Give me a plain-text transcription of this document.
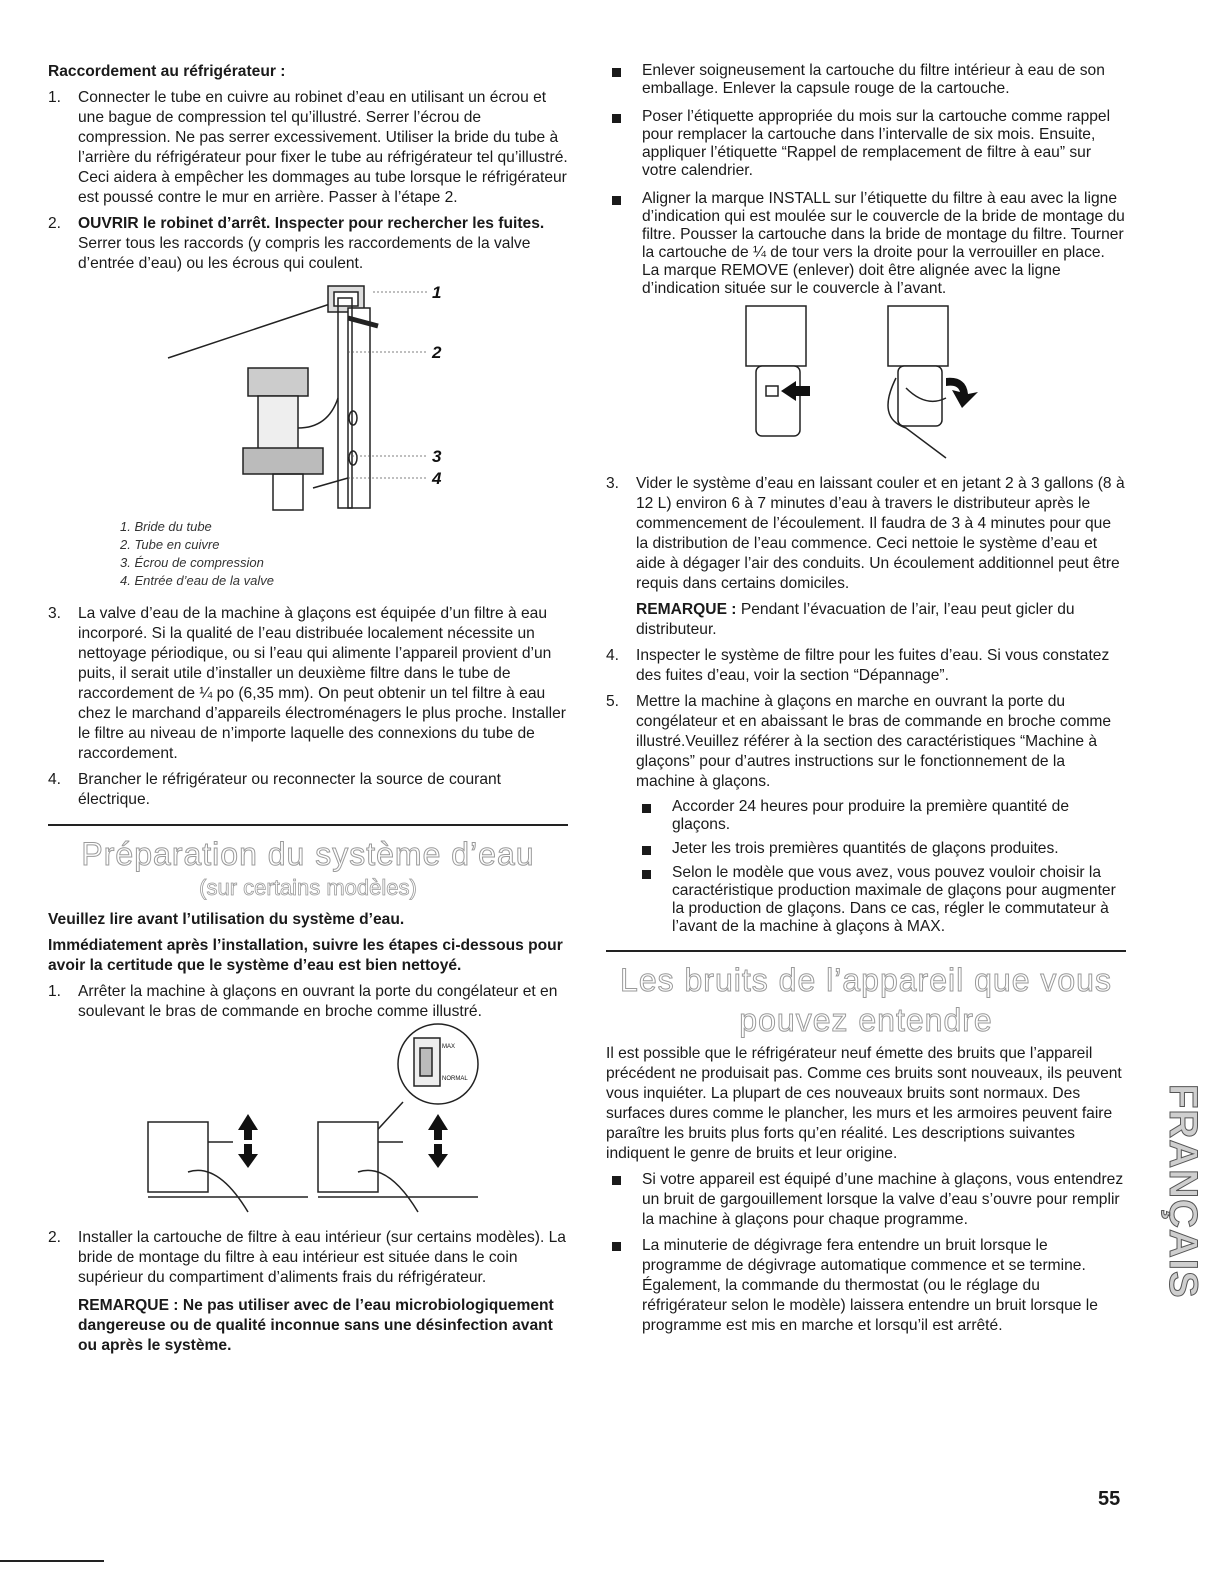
Raccordement au réfrigérateur :

1.	Connecter le tube en cuivre au robinet d’eau en utilisant un écrou et une bague de compression tel qu’illustré. Serrer l’écrou de compression. Ne pas serrer excessivement. Utiliser la bride du tube à l’arrière du réfrigérateur pour fixer le tube au réfrigérateur tel qu’illustré. Ceci aidera à empêcher les dommages au tube lorsque le réfrigérateur est poussé contre le mur en arrière. Passer à l’étape 2.
2.	OUVRIR le robinet d’arrêt. Inspecter pour rechercher les fuites. Serrer tous les raccords (y compris les raccordements de la valve d’entrée d’eau) ou les écrous qui coulent.
1
2
3
4
1. Bride du tube
2. Tube en cuivre
3. Écrou de compression
4. Entrée d’eau de la valve
3.	La valve d’eau de la machine à glaçons est équipée d’un filtre à eau incorporé. Si la qualité de l’eau distribuée localement nécessite un nettoyage périodique, ou si l’eau qui alimente l’appareil provient d’un puits, il serait utile d’installer un deuxième filtre dans le tube de raccordement de ¼ po (6,35 mm). On peut obtenir un tel filtre à eau chez le marchand d’appareils électroménagers le plus proche. Installer le filtre au niveau de n’importe laquelle des connexions du tube de raccordement.
4.	Brancher le réfrigérateur ou reconnecter la source de courant électrique.
Préparation du système d’eau
(sur certains modèles)

Veuillez lire avant l’utilisation du système d’eau.

Immédiatement après l’installation, suivre les étapes ci-dessous pour avoir la certitude que le système d’eau est bien nettoyé.

1.	Arrêter la machine à glaçons en ouvrant la porte du congélateur et en soulevant le bras de commande en broche comme illustré.
MAX
NORMAL
2.	Installer la cartouche de filtre à eau intérieur (sur certains modèles). La bride de montage du filtre à eau intérieur est située dans le coin supérieur du compartiment d’aliments frais du réfrigérateur.

REMARQUE : Ne pas utiliser avec de l’eau microbiologiquement dangereuse ou de qualité inconnue sans une désinfection avant ou après le système.

Enlever soigneusement la cartouche du filtre intérieur à eau de son emballage. Enlever la capsule rouge de la cartouche.
Poser l’étiquette appropriée du mois sur la cartouche comme rappel pour remplacer la cartouche dans l’intervalle de six mois. Ensuite, appliquer l’étiquette “Rappel de remplacement de filtre à eau” sur votre calendrier.
Aligner la marque INSTALL sur l’étiquette du filtre à eau avec la ligne d’indication qui est moulée sur le couvercle de la bride de montage du filtre. Pousser la cartouche dans la bride de montage du filtre. Tourner la cartouche de ¼ de tour vers la droite pour la verrouiller en place. La marque REMOVE (enlever) doit être alignée avec la ligne d’indication située sur le couvercle à l’avant.
3.	Vider le système d’eau en laissant couler et en jetant 2 à 3 gallons (8 à 12 L) environ 6 à 7 minutes d’eau à travers le distributeur après le commencement de l’écoulement. Il faudra de 3 à 4 minutes pour que la distribution de l’eau commence. Ceci nettoie le système d’eau et aide à dégager l’air des conduits. Un écoulement additionnel peut être requis dans certains domiciles.

REMARQUE : Pendant l’évacuation de l’air, l’eau peut gicler du distributeur.

4.	Inspecter le système de filtre pour les fuites d’eau. Si vous constatez des fuites d’eau, voir la section “Dépannage”.
5.	Mettre la machine à glaçons en marche en ouvrant la porte du congélateur et en abaissant le bras de commande en broche comme illustré.Veuillez référer à la section des caractéristiques “Machine à glaçons” pour d’autres instructions sur le fonctionnement de la machine à glaçons.
Accorder 24 heures pour produire la première quantité de glaçons.
Jeter les trois premières quantités de glaçons produites.
Selon le modèle que vous avez, vous pouvez vouloir choisir la caractéristique production maximale de glaçons pour augmenter la production de glaçons. Dans ce cas, régler le commutateur à l’avant de la machine à glaçons à MAX.
Les bruits de l’appareil que vous
pouvez entendre

Il est possible que le réfrigérateur neuf émette des bruits que l’appareil précédent ne produisait pas. Comme ces bruits sont nouveaux, ils peuvent vous inquiéter. La plupart de ces nouveaux bruits sont normaux. Des surfaces dures comme le plancher, les murs et les armoires peuvent faire paraître les bruits plus forts qu’en réalité. Les descriptions suivantes indiquent le genre de bruits et leur origine.

Si votre appareil est équipé d’une machine à glaçons, vous entendrez un bruit de gargouillement lorsque la valve d’eau s’ouvre pour remplir la machine à glaçons pour chaque programme.
La minuterie de dégivrage fera entendre un bruit lorsque le programme de dégivrage automatique commence et se termine. Également, la commande du thermostat (ou le réglage du réfrigérateur selon le modèle) laissera entendre un bruit lorsque le programme est mis en marche et lorsqu’il est arrêté.
FRANÇAIS
55
